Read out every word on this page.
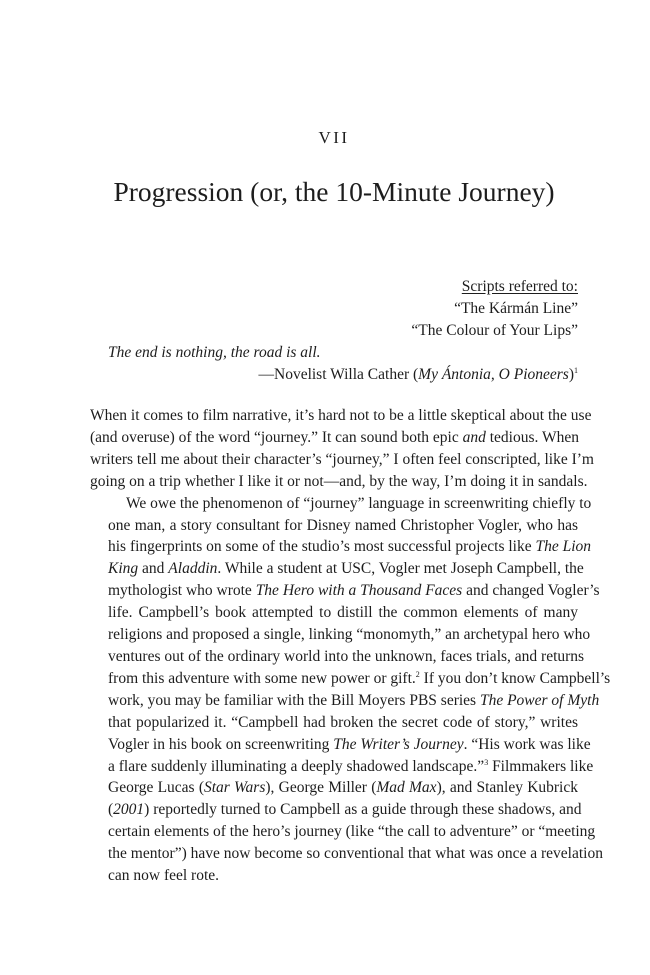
VII
Progression (or, the 10-Minute Journey)
Scripts referred to:
“The Kármán Line”
“The Colour of Your Lips”
The end is nothing, the road is all.
—Novelist Willa Cather (My Ántonia, O Pioneers)$^1$

When it comes to film narrative, it’s hard not to be a little skeptical about the use
(and overuse) of the word “journey.” It can sound both epic and tedious. When
writers tell me about their character’s “journey,” I often feel conscripted, like I’m
going on a trip whether I like it or not—and, by the way, I’m doing it in sandals.

We owe the phenomenon of “journey” language in screenwriting chiefly to
one man, a story consultant for Disney named Christopher Vogler, who has
his fingerprints on some of the studio’s most successful projects like The Lion
King and Aladdin. While a student at USC, Vogler met Joseph Campbell, the
mythologist who wrote The Hero with a Thousand Faces and changed Vogler’s
life. Campbell’s book attempted to distill the common elements of many
religions and proposed a single, linking “monomyth,” an archetypal hero who
ventures out of the ordinary world into the unknown, faces trials, and returns
from this adventure with some new power or gift.$^2$ If you don’t know Campbell’s
work, you may be familiar with the Bill Moyers PBS series The Power of Myth
that popularized it. “Campbell had broken the secret code of story,” writes
Vogler in his book on screenwriting The Writer’s Journey. “His work was like
a flare suddenly illuminating a deeply shadowed landscape.”$^3$ Filmmakers like
George Lucas (Star Wars), George Miller (Mad Max), and Stanley Kubrick
(2001) reportedly turned to Campbell as a guide through these shadows, and
certain elements of the hero’s journey (like “the call to adventure” or “meeting
the mentor”) have now become so conventional that what was once a revelation
can now feel rote.
